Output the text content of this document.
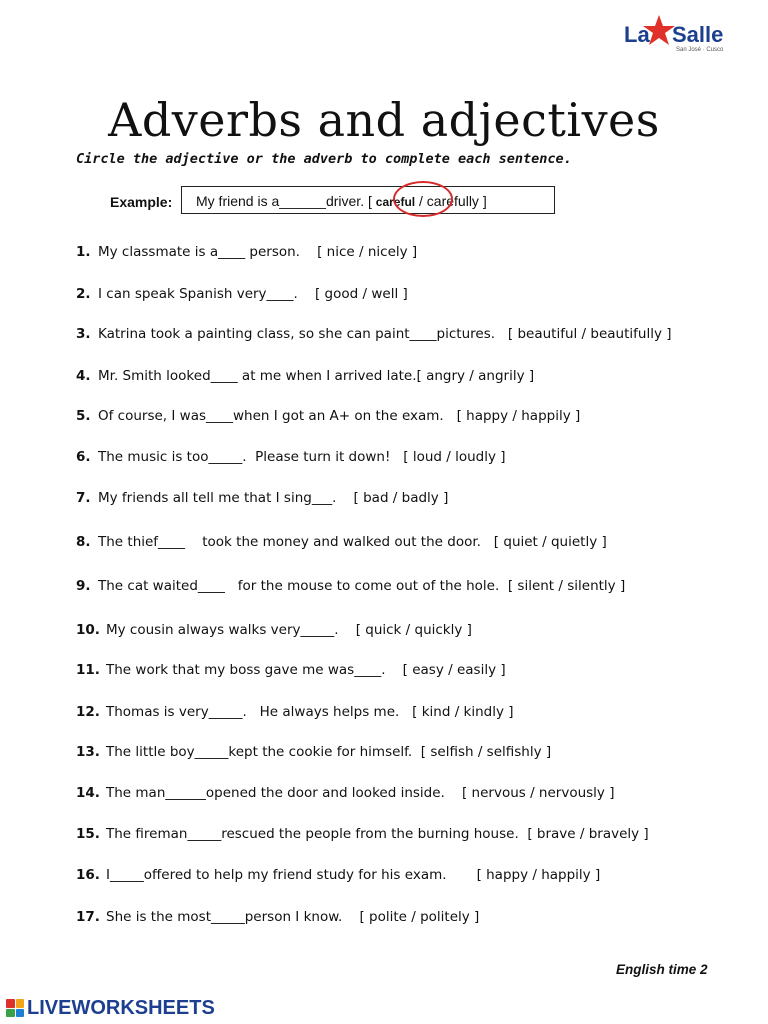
La Salle
San José · Cusco
Adverbs and adjectives
Circle the adjective or the adverb to complete each sentence.
Example: My friend is a______driver. [ careful / carefully ]
1. My classmate is a____ person.    [ nice / nicely ]
2. I can speak Spanish very____.    [ good / well ]
3. Katrina took a painting class, so she can paint____pictures.   [ beautiful / beautifully ]
4. Mr. Smith looked____ at me when I arrived late.[ angry / angrily ]
5. Of course, I was____when I got an A+ on the exam.   [ happy / happily ]
6. The music is too_____.  Please turn it down!   [ loud / loudly ]
7. My friends all tell me that I sing___.    [ bad / badly ]
8. The thief____    took the money and walked out the door.   [ quiet / quietly ]
9. The cat waited____   for the mouse to come out of the hole.  [ silent / silently ]
10. My cousin always walks very_____.    [ quick / quickly ]
11. The work that my boss gave me was____.    [ easy / easily ]
12. Thomas is very_____.   He always helps me.   [ kind / kindly ]
13. The little boy_____kept the cookie for himself.  [ selfish / selfishly ]
14. The man______opened the door and looked inside.    [ nervous / nervously ]
15. The fireman_____rescued the people from the burning house.  [ brave / bravely ]
16. I_____offered to help my friend study for his exam.       [ happy / happily ]
17. She is the most_____person I know.    [ polite / politely ]
English time 2
LIVEWORKSHEETS
